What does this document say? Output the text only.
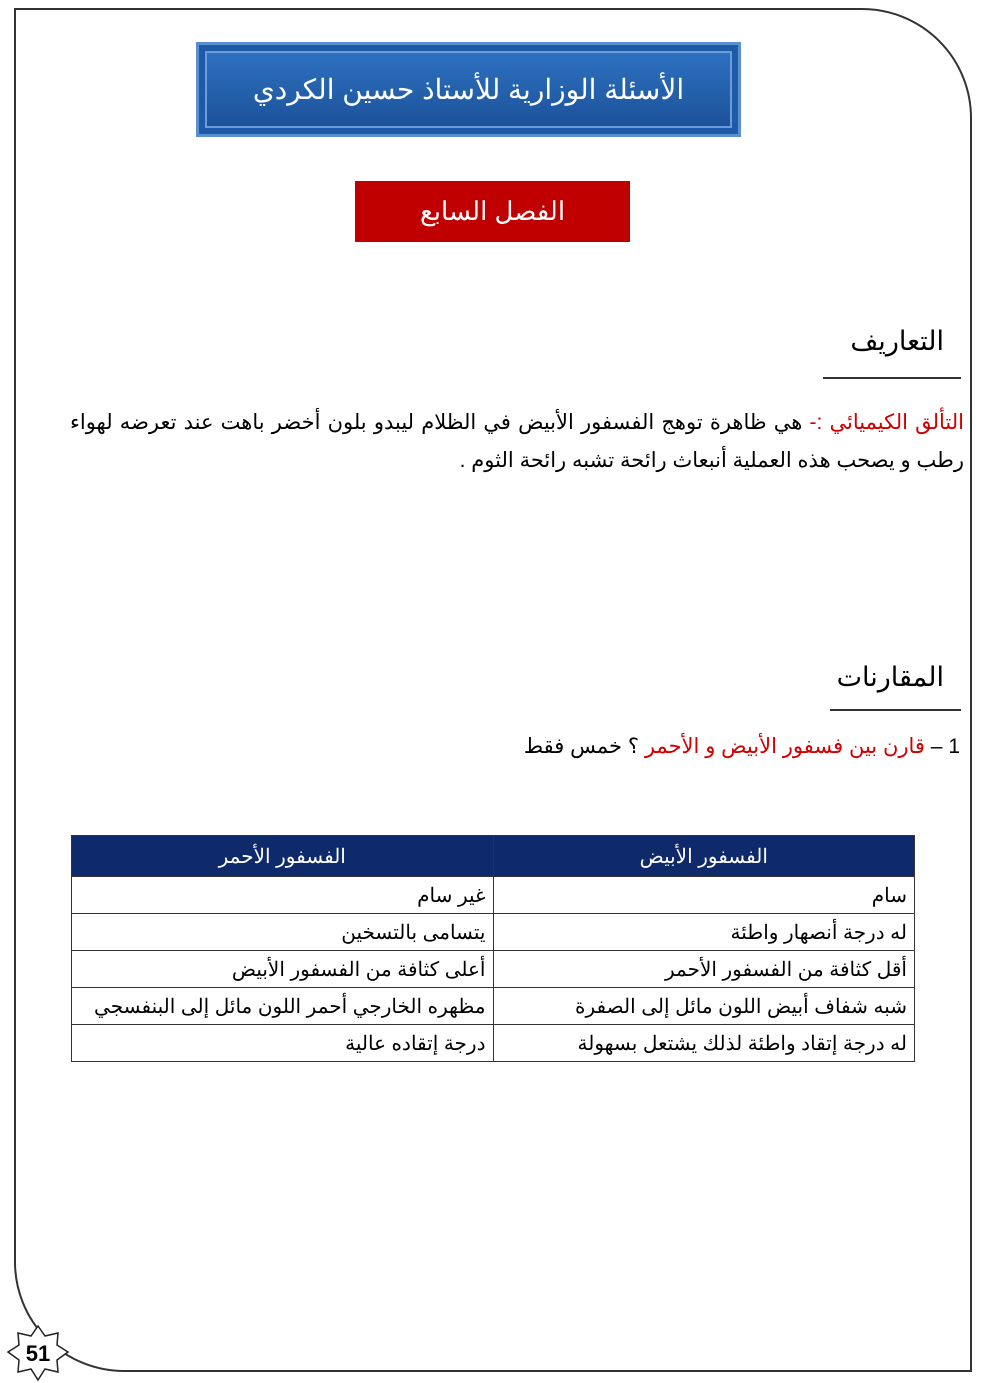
الأسئلة الوزارية للأستاذ حسين الكردي
الفصل السابع
التعاريف
التألق الكيميائي :- هي ظاهرة توهج الفسفور الأبيض في الظلام ليبدو بلون أخضر باهت عند تعرضه لهواء رطب و يصحب هذه العملية أنبعاث رائحة تشبه رائحة الثوم .
المقارنات
1 – قارن بين فسفور الأبيض و الأحمر ؟ خمس فقط
الفسفور الأبيض	الفسفور الأحمر
سام	غير سام
له درجة أنصهار واطئة	يتسامى بالتسخين
أقل كثافة من الفسفور الأحمر	أعلى كثافة من الفسفور الأبيض
شبه شفاف أبيض اللون مائل إلى الصفرة	مظهره الخارجي أحمر اللون مائل إلى البنفسجي
له درجة إتقاد واطئة لذلك يشتعل بسهولة	درجة إتقاده عالية
51
